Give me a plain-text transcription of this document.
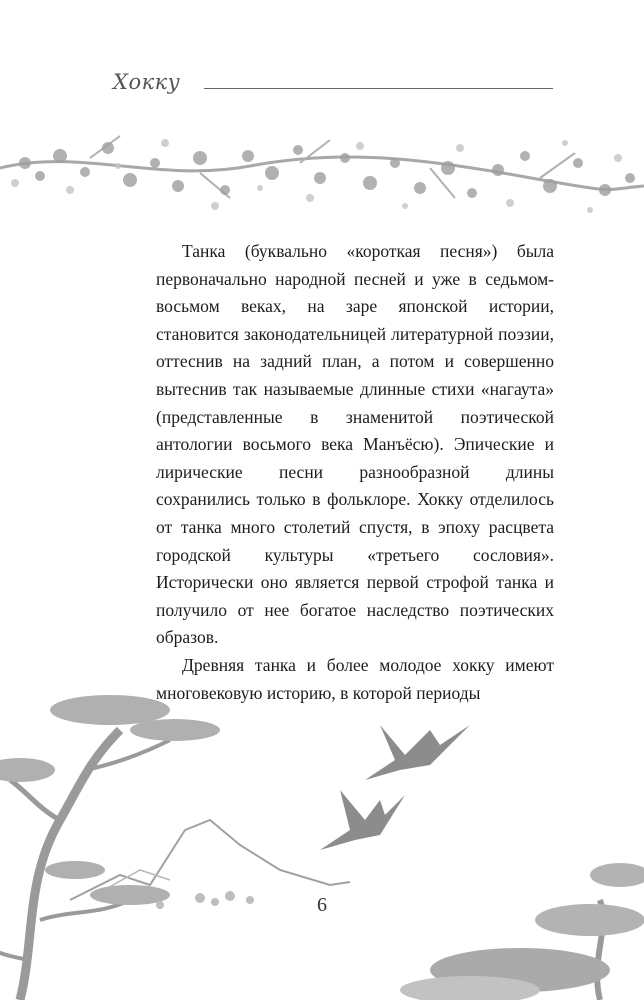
Хокку

Танка (буквально «короткая песня») была первоначально народной песней и уже в седьмом-восьмом веках, на заре японской истории, становится законодательницей литературной поэзии, оттеснив на задний план, а потом и совершенно вытеснив так называемые длинные стихи «нагаута» (представленные в знаменитой поэтической антологии восьмого века Манъёсю). Эпические и лирические песни разнообразной длины сохранились только в фольклоре. Хокку отделилось от танка много столетий спустя, в эпоху расцвета городской культуры «третьего сословия». Исторически оно является первой строфой танка и получило от нее богатое наследство поэтических образов.

Древняя танка и более молодое хокку имеют многовековую историю, в которой периоды

6
